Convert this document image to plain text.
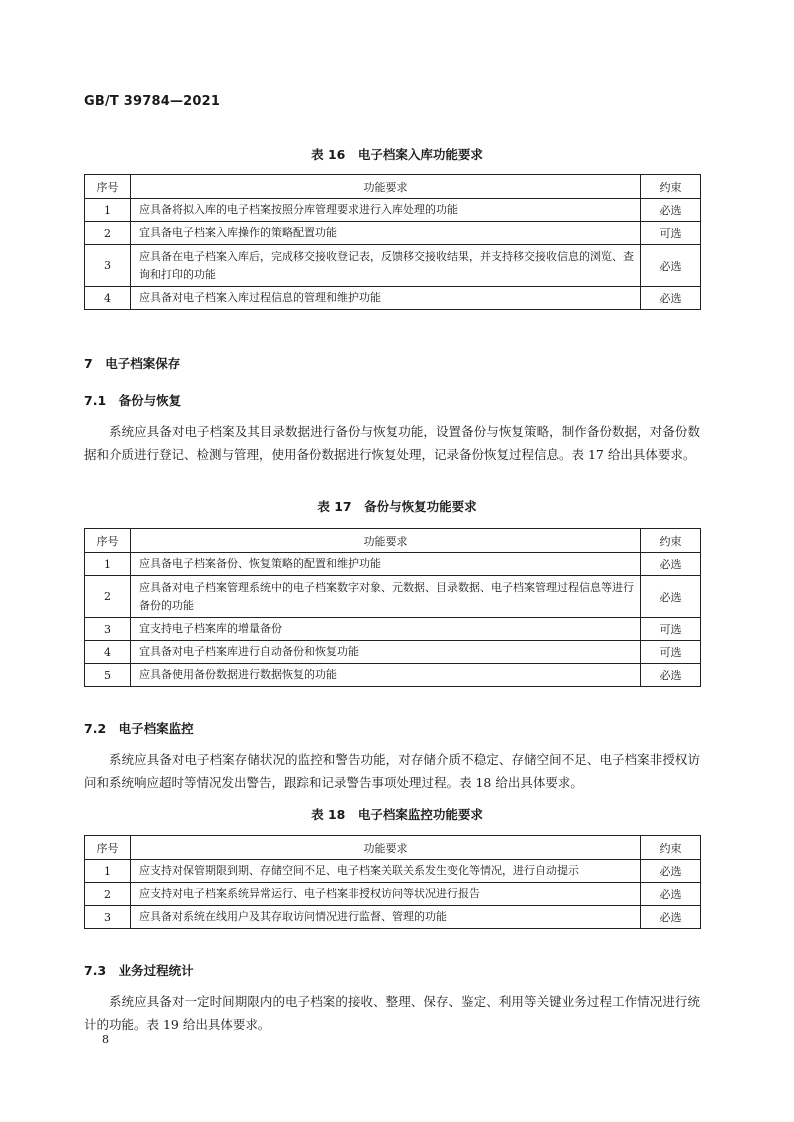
GB/T 39784—2021
表 16　电子档案入库功能要求
序号	功能要求	约束
1	应具备将拟入库的电子档案按照分库管理要求进行入库处理的功能	必选
2	宜具备电子档案入库操作的策略配置功能	可选
3	应具备在电子档案入库后，完成移交接收登记表，反馈移交接收结果，并支持移交接收信息的浏览、查询和打印的功能	必选
4	应具备对电子档案入库过程信息的管理和维护功能	必选
7　电子档案保存
7.1　备份与恢复
系统应具备对电子档案及其目录数据进行备份与恢复功能，设置备份与恢复策略，制作备份数据，对备份数据和介质进行登记、检测与管理，使用备份数据进行恢复处理，记录备份恢复过程信息。表 17 给出具体要求。
表 17　备份与恢复功能要求
序号	功能要求	约束
1	应具备电子档案备份、恢复策略的配置和维护功能	必选
2	应具备对电子档案管理系统中的电子档案数字对象、元数据、目录数据、电子档案管理过程信息等进行备份的功能	必选
3	宜支持电子档案库的增量备份	可选
4	宜具备对电子档案库进行自动备份和恢复功能	可选
5	应具备使用备份数据进行数据恢复的功能	必选
7.2　电子档案监控
系统应具备对电子档案存储状况的监控和警告功能，对存储介质不稳定、存储空间不足、电子档案非授权访问和系统响应超时等情况发出警告，跟踪和记录警告事项处理过程。表 18 给出具体要求。
表 18　电子档案监控功能要求
序号	功能要求	约束
1	应支持对保管期限到期、存储空间不足、电子档案关联关系发生变化等情况，进行自动提示	必选
2	应支持对电子档案系统异常运行、电子档案非授权访问等状况进行报告	必选
3	应具备对系统在线用户及其存取访问情况进行监督、管理的功能	必选
7.3　业务过程统计
系统应具备对一定时间期限内的电子档案的接收、整理、保存、鉴定、利用等关键业务过程工作情况进行统计的功能。表 19 给出具体要求。
8
